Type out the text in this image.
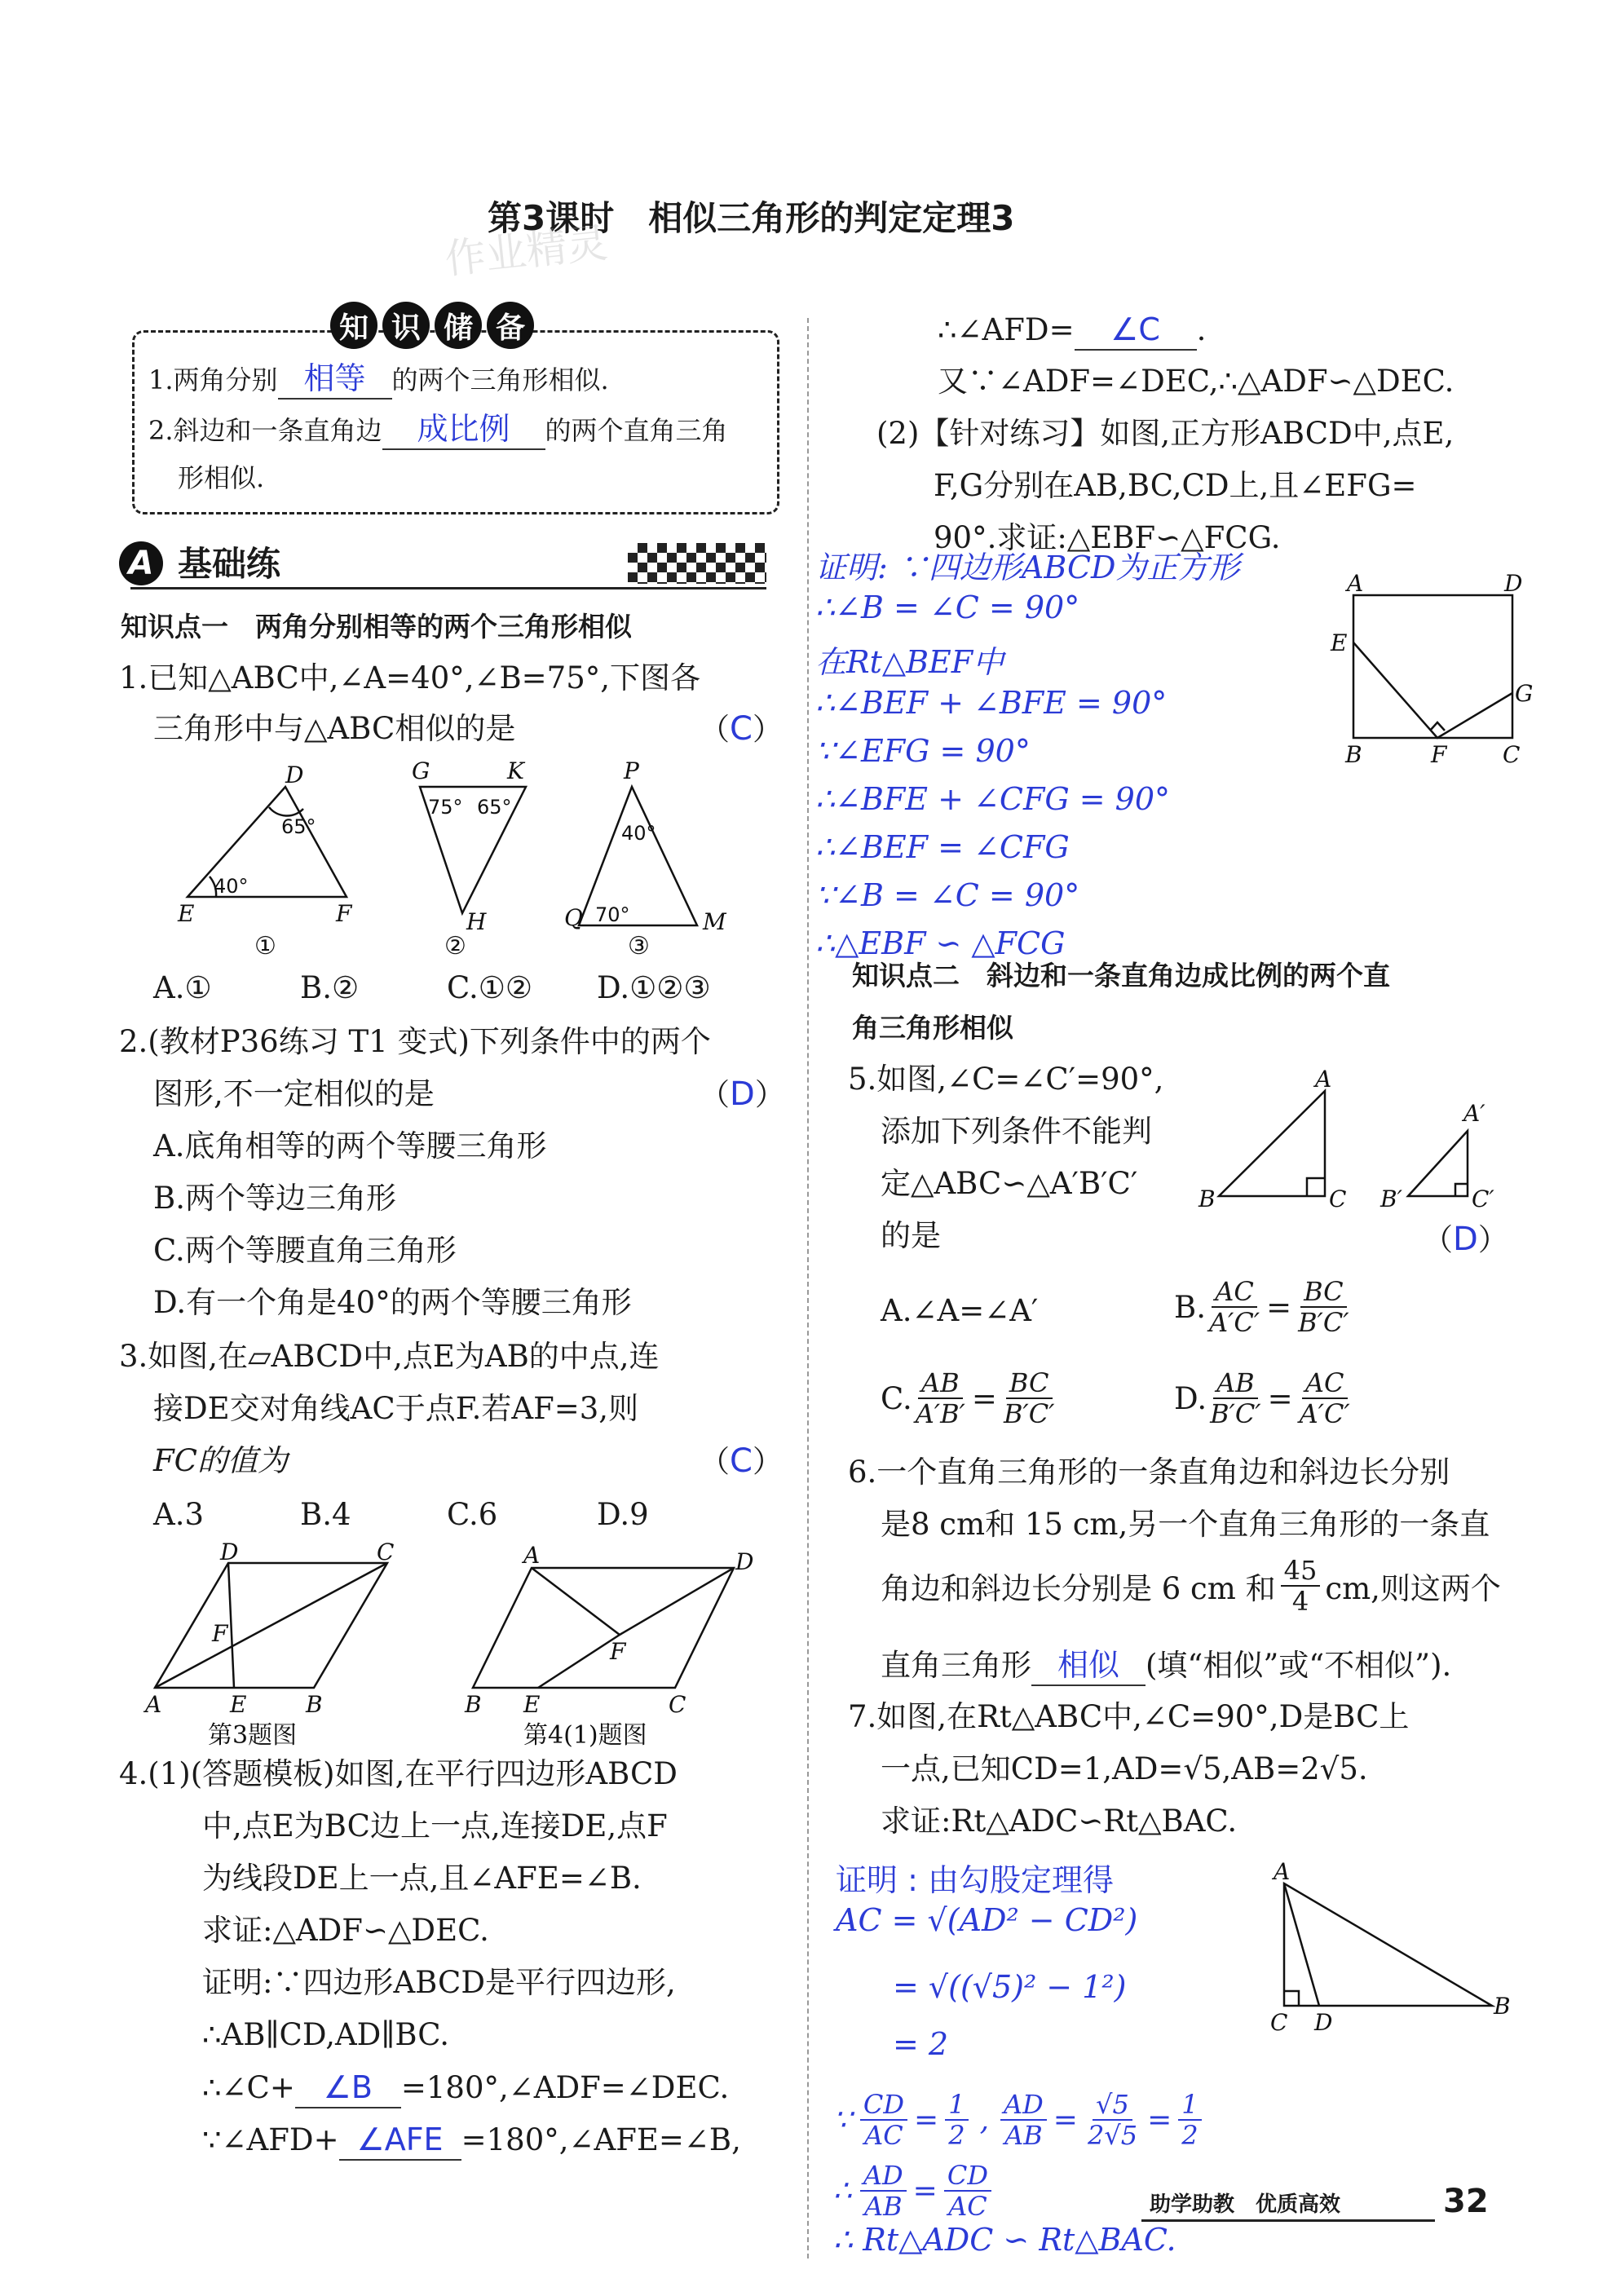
第3课时　相似三角形的判定定理3
作业精灵
知 识 储 备
1.两角分别 相等 的两个三角形相似.
2.斜边和一条直角边 成比例 的两个直角三角
形相似.
A 基础练
知识点一　两角分别相等的两个三角形相似
1.已知△ABC中,∠A=40°,∠B=75°,下图各
三角形中与△ABC相似的是	（C）
D
E	F
G	K
H
P
Q	M
65°
40°
75° 65°
40°
70°
①	②	③
A.①	B.②	C.①② D.①②③
2.(教材P36练习 T1 变式)下列条件中的两个
图形,不一定相似的是	（D）
A.底角相等的两个等腰三角形
B.两个等边三角形
C.两个等腰直角三角形
D.有一个角是40°的两个等腰三角形
3.如图,在▱ABCD中,点E为AB的中点,连
接DE交对角线AC于点F.若AF=3,则
FC的值为	（C）
A.3	B.4	C.6	D.9
D	C
F
A	E	B
A	D
F
B E	C
第3题图	第4(1)题图
4.(1)(答题模板)如图,在平行四边形ABCD
中,点E为BC边上一点,连接DE,点F
为线段DE上一点,且∠AFE=∠B.
求证:△ADF∽△DEC.
证明:∵四边形ABCD是平行四边形,
∴AB∥CD,AD∥BC.
∴∠C+ ∠B =180°,∠ADF=∠DEC.
∵∠AFD+ ∠AFE =180°,∠AFE=∠B,
∴∠AFD= ∠C .
又∵∠ADF=∠DEC,∴△ADF∽△DEC.
(2)【针对练习】如图,正方形ABCD中,点E,
F,G分别在AB,BC,CD上,且∠EFG=
90°.求证:△EBF∽△FCG.
证明: ∵四边形ABCD为正方形
∴∠B = ∠C = 90°
在Rt△BEF中
∴∠BEF + ∠BFE = 90°
∵∠EFG = 90°
∴∠BFE + ∠CFG = 90°
∴∠BEF = ∠CFG
∵∠B = ∠C = 90°
∴△EBF ∽ △FCG
A	D
E
G
B	F C
知识点二　斜边和一条直角边成比例的两个直
角三角形相似
5.如图,∠C=∠C′=90°,
添加下列条件不能判
定△ABC∽△A′B′C′
的是	（D）
A
B	C
A′
B′	C′
A.∠A=∠A′	B. $\frac{AC}{A'C'} = \frac{BC}{B'C'}$
C. $\frac{AB}{A'B'} = \frac{BC}{B'C'}$	D. $\frac{AB}{B'C'} = \frac{AC}{A'C'}$
6.一个直角三角形的一条直角边和斜边长分别
是8 cm和 15 cm,另一个直角三角形的一条直
角边和斜边长分别是 6 cm 和 $\frac{45}{4}$ cm,则这两个
直角三角形 相似 (填“相似”或“不相似”).
7.如图,在Rt△ABC中,∠C=90°,D是BC上
一点,已知CD=1,AD=√5,AB=2√5.
求证:Rt△ADC∽Rt△BAC.
证明 : 由勾股定理得
AC = √(AD² − CD²)
= √((√5)² − 1²)
= 2
∵ $\frac{CD}{AC} = \frac{1}{2}$ , $\frac{AD}{AB} = \frac{√5}{2√5} = \frac{1}{2}$
∴ $\frac{AD}{AB} = \frac{CD}{AC}$
∴ Rt△ADC ∽ Rt△BAC.
A
C D
B
助学助教　优质高效	32
